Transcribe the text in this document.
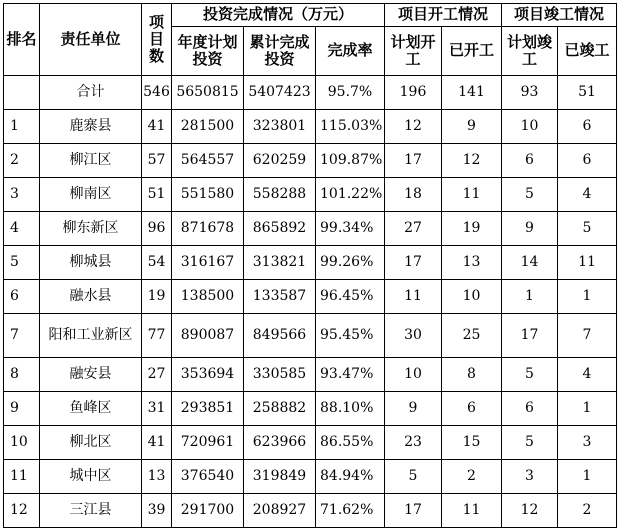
排名	责任单位	项目数	投资完成情况（万元）			项目开工情况		项目竣工情况	
			年度计划投资	累计完成投资	完成率	计划开工	已开工	计划竣工	已竣工
	合计	546	5650815	5407423	95.7%	196	141	93	51
1	鹿寨县	41	281500	323801	115.03%	12	9	10	6
2	柳江区	57	564557	620259	109.87%	17	12	6	6
3	柳南区	51	551580	558288	101.22%	18	11	5	4
4	柳东新区	96	871678	865892	99.34%	27	19	9	5
5	柳城县	54	316167	313821	99.26%	17	13	14	11
6	融水县	19	138500	133587	96.45%	11	10	1	1
7	阳和工业新区	77	890087	849566	95.45%	30	25	17	7
8	融安县	27	353694	330585	93.47%	10	8	5	4
9	鱼峰区	31	293851	258882	88.10%	9	6	6	1
10	柳北区	41	720961	623966	86.55%	23	15	5	3
11	城中区	13	376540	319849	84.94%	5	2	3	1
12	三江县	39	291700	208927	71.62%	17	11	12	2
